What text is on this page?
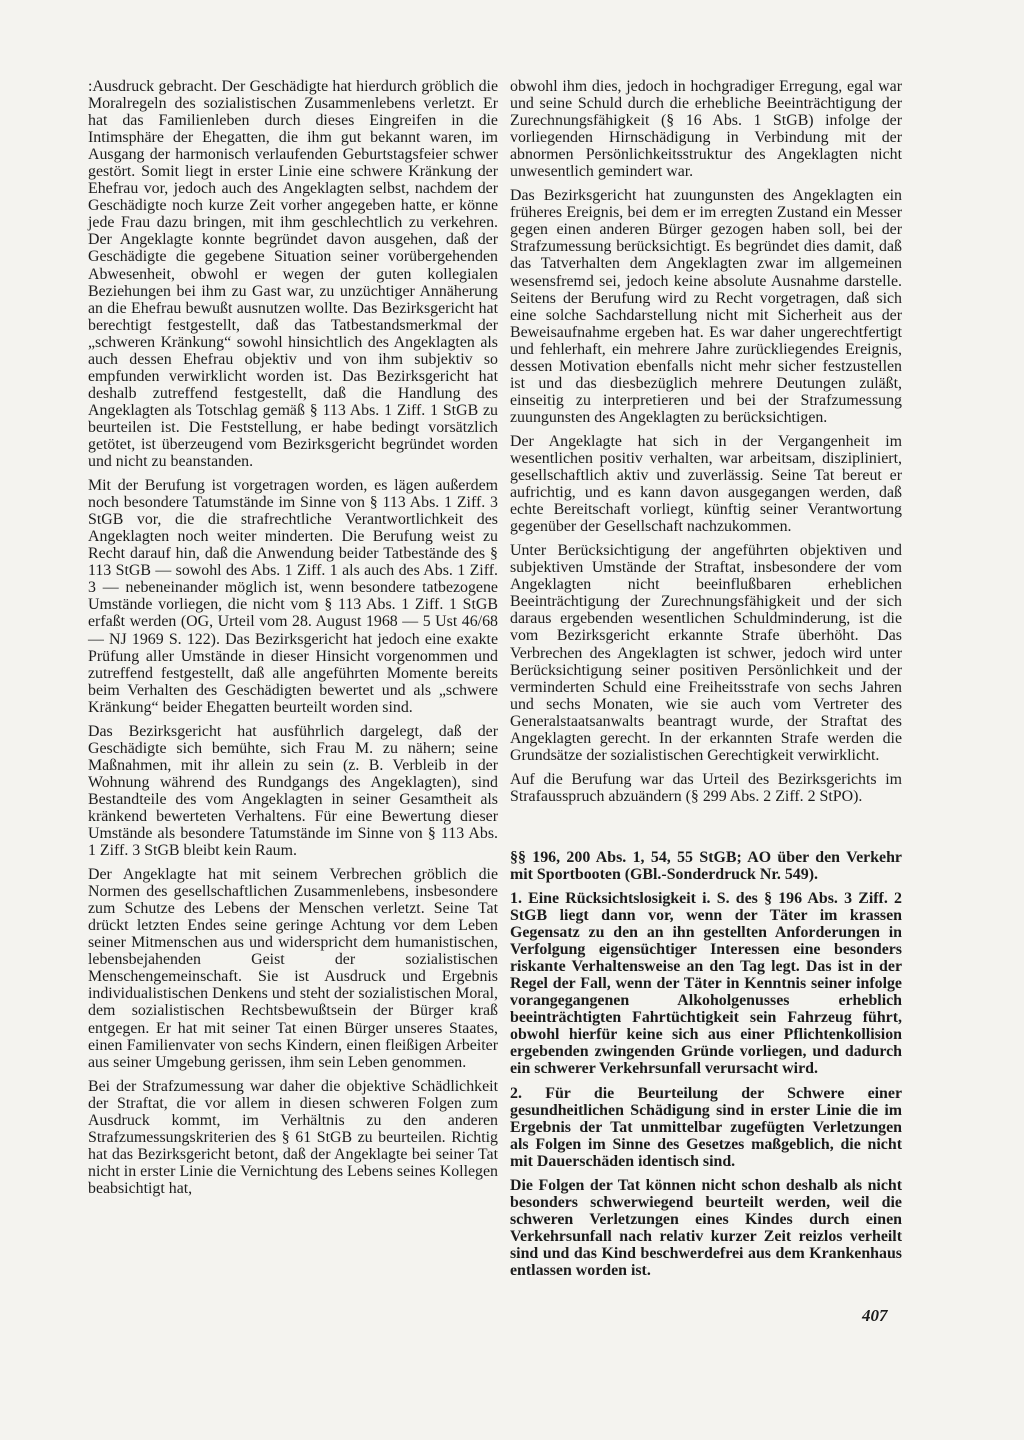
:Ausdruck gebracht. Der Geschädigte hat hierdurch gröblich die Moralregeln des sozialistischen Zusammenlebens verletzt. Er hat das Familienleben durch dieses Eingreifen in die Intimsphäre der Ehegatten, die ihm gut bekannt waren, im Ausgang der harmonisch verlaufenden Geburtstagsfeier schwer gestört. Somit liegt in erster Linie eine schwere Kränkung der Ehefrau vor, jedoch auch des Angeklagten selbst, nachdem der Geschädigte noch kurze Zeit vorher angegeben hatte, er könne jede Frau dazu bringen, mit ihm geschlechtlich zu verkehren. Der Angeklagte konnte begründet davon ausgehen, daß der Geschädigte die gegebene Situation seiner vorübergehenden Abwesenheit, obwohl er wegen der guten kollegialen Beziehungen bei ihm zu Gast war, zu unzüchtiger Annäherung an die Ehefrau bewußt ausnutzen wollte. Das Bezirksgericht hat berechtigt festgestellt, daß das Tatbestandsmerkmal der „schweren Kränkung“ sowohl hinsichtlich des Angeklagten als auch dessen Ehefrau objektiv und von ihm subjektiv so empfunden verwirklicht worden ist. Das Bezirksgericht hat deshalb zutreffend festgestellt, daß die Handlung des Angeklagten als Totschlag gemäß § 113 Abs. 1 Ziff. 1 StGB zu beurteilen ist. Die Feststellung, er habe bedingt vorsätzlich getötet, ist überzeugend vom Bezirksgericht begründet worden und nicht zu beanstanden.

Mit der Berufung ist vorgetragen worden, es lägen außerdem noch besondere Tatumstände im Sinne von § 113 Abs. 1 Ziff. 3 StGB vor, die die strafrechtliche Verantwortlichkeit des Angeklagten noch weiter minderten. Die Berufung weist zu Recht darauf hin, daß die Anwendung beider Tatbestände des § 113 StGB — sowohl des Abs. 1 Ziff. 1 als auch des Abs. 1 Ziff. 3 — nebeneinander möglich ist, wenn besondere tatbezogene Umstände vorliegen, die nicht vom § 113 Abs. 1 Ziff. 1 StGB erfaßt werden (OG, Urteil vom 28. August 1968 — 5 Ust 46/68 — NJ 1969 S. 122). Das Bezirksgericht hat jedoch eine exakte Prüfung aller Umstände in dieser Hinsicht vorgenommen und zutreffend festgestellt, daß alle angeführten Momente bereits beim Verhalten des Geschädigten bewertet und als „schwere Kränkung“ beider Ehegatten beurteilt worden sind.

Das Bezirksgericht hat ausführlich dargelegt, daß der Geschädigte sich bemühte, sich Frau M. zu nähern; seine Maßnahmen, mit ihr allein zu sein (z. B. Verbleib in der Wohnung während des Rundgangs des Angeklagten), sind Bestandteile des vom Angeklagten in seiner Gesamtheit als kränkend bewerteten Verhaltens. Für eine Bewertung dieser Umstände als besondere Tatumstände im Sinne von § 113 Abs. 1 Ziff. 3 StGB bleibt kein Raum.

Der Angeklagte hat mit seinem Verbrechen gröblich die Normen des gesellschaftlichen Zusammenlebens, insbesondere zum Schutze des Lebens der Menschen verletzt. Seine Tat drückt letzten Endes seine geringe Achtung vor dem Leben seiner Mitmenschen aus und widerspricht dem humanistischen, lebensbejahenden Geist der sozialistischen Menschengemeinschaft. Sie ist Ausdruck und Ergebnis individualistischen Denkens und steht der sozialistischen Moral, dem sozialistischen Rechtsbewußtsein der Bürger kraß entgegen. Er hat mit seiner Tat einen Bürger unseres Staates, einen Familienvater von sechs Kindern, einen fleißigen Arbeiter aus seiner Umgebung gerissen, ihm sein Leben genommen.

Bei der Strafzumessung war daher die objektive Schädlichkeit der Straftat, die vor allem in diesen schweren Folgen zum Ausdruck kommt, im Verhältnis zu den anderen Strafzumessungskriterien des § 61 StGB zu beurteilen. Richtig hat das Bezirksgericht betont, daß der Angeklagte bei seiner Tat nicht in erster Linie die Vernichtung des Lebens seines Kollegen beabsichtigt hat,

obwohl ihm dies, jedoch in hochgradiger Erregung, egal war und seine Schuld durch die erhebliche Beeinträchtigung der Zurechnungsfähigkeit (§ 16 Abs. 1 StGB) infolge der vorliegenden Hirnschädigung in Verbindung mit der abnormen Persönlichkeitsstruktur des Angeklagten nicht unwesentlich gemindert war.

Das Bezirksgericht hat zuungunsten des Angeklagten ein früheres Ereignis, bei dem er im erregten Zustand ein Messer gegen einen anderen Bürger gezogen haben soll, bei der Strafzumessung berücksichtigt. Es begründet dies damit, daß das Tatverhalten dem Angeklagten zwar im allgemeinen wesensfremd sei, jedoch keine absolute Ausnahme darstelle. Seitens der Berufung wird zu Recht vorgetragen, daß sich eine solche Sachdarstellung nicht mit Sicherheit aus der Beweisaufnahme ergeben hat. Es war daher ungerechtfertigt und fehlerhaft, ein mehrere Jahre zurückliegendes Ereignis, dessen Motivation ebenfalls nicht mehr sicher festzustellen ist und das diesbezüglich mehrere Deutungen zuläßt, einseitig zu interpretieren und bei der Strafzumessung zuungunsten des Angeklagten zu berücksichtigen.

Der Angeklagte hat sich in der Vergangenheit im wesentlichen positiv verhalten, war arbeitsam, diszipliniert, gesellschaftlich aktiv und zuverlässig. Seine Tat bereut er aufrichtig, und es kann davon ausgegangen werden, daß echte Bereitschaft vorliegt, künftig seiner Verantwortung gegenüber der Gesellschaft nachzukommen.

Unter Berücksichtigung der angeführten objektiven und subjektiven Umstände der Straftat, insbesondere der vom Angeklagten nicht beeinflußbaren erheblichen Beeinträchtigung der Zurechnungsfähigkeit und der sich daraus ergebenden wesentlichen Schuldminderung, ist die vom Bezirksgericht erkannte Strafe überhöht. Das Verbrechen des Angeklagten ist schwer, jedoch wird unter Berücksichtigung seiner positiven Persönlichkeit und der verminderten Schuld eine Freiheitsstrafe von sechs Jahren und sechs Monaten, wie sie auch vom Vertreter des Generalstaatsanwalts beantragt wurde, der Straftat des Angeklagten gerecht. In der erkannten Strafe werden die Grundsätze der sozialistischen Gerechtigkeit verwirklicht.

Auf die Berufung war das Urteil des Bezirksgerichts im Strafausspruch abzuändern (§ 299 Abs. 2 Ziff. 2 StPO).

§§ 196, 200 Abs. 1, 54, 55 StGB; AO über den Verkehr mit Sportbooten (GBl.-Sonderdruck Nr. 549).

1. Eine Rücksichtslosigkeit i. S. des § 196 Abs. 3 Ziff. 2 StGB liegt dann vor, wenn der Täter im krassen Gegensatz zu den an ihn gestellten Anforderungen in Verfolgung eigensüchtiger Interessen eine besonders riskante Verhaltensweise an den Tag legt. Das ist in der Regel der Fall, wenn der Täter in Kenntnis seiner infolge vorangegangenen Alkoholgenusses erheblich beeinträchtigten Fahrtüchtigkeit sein Fahrzeug führt, obwohl hierfür keine sich aus einer Pflichtenkollision ergebenden zwingenden Gründe vorliegen, und dadurch ein schwerer Verkehrsunfall verursacht wird.

2. Für die Beurteilung der Schwere einer gesundheitlichen Schädigung sind in erster Linie die im Ergebnis der Tat unmittelbar zugefügten Verletzungen als Folgen im Sinne des Gesetzes maßgeblich, die nicht mit Dauerschäden identisch sind.

Die Folgen der Tat können nicht schon deshalb als nicht besonders schwerwiegend beurteilt werden, weil die schweren Verletzungen eines Kindes durch einen Verkehrsunfall nach relativ kurzer Zeit reizlos verheilt sind und das Kind beschwerdefrei aus dem Krankenhaus entlassen worden ist.

407
